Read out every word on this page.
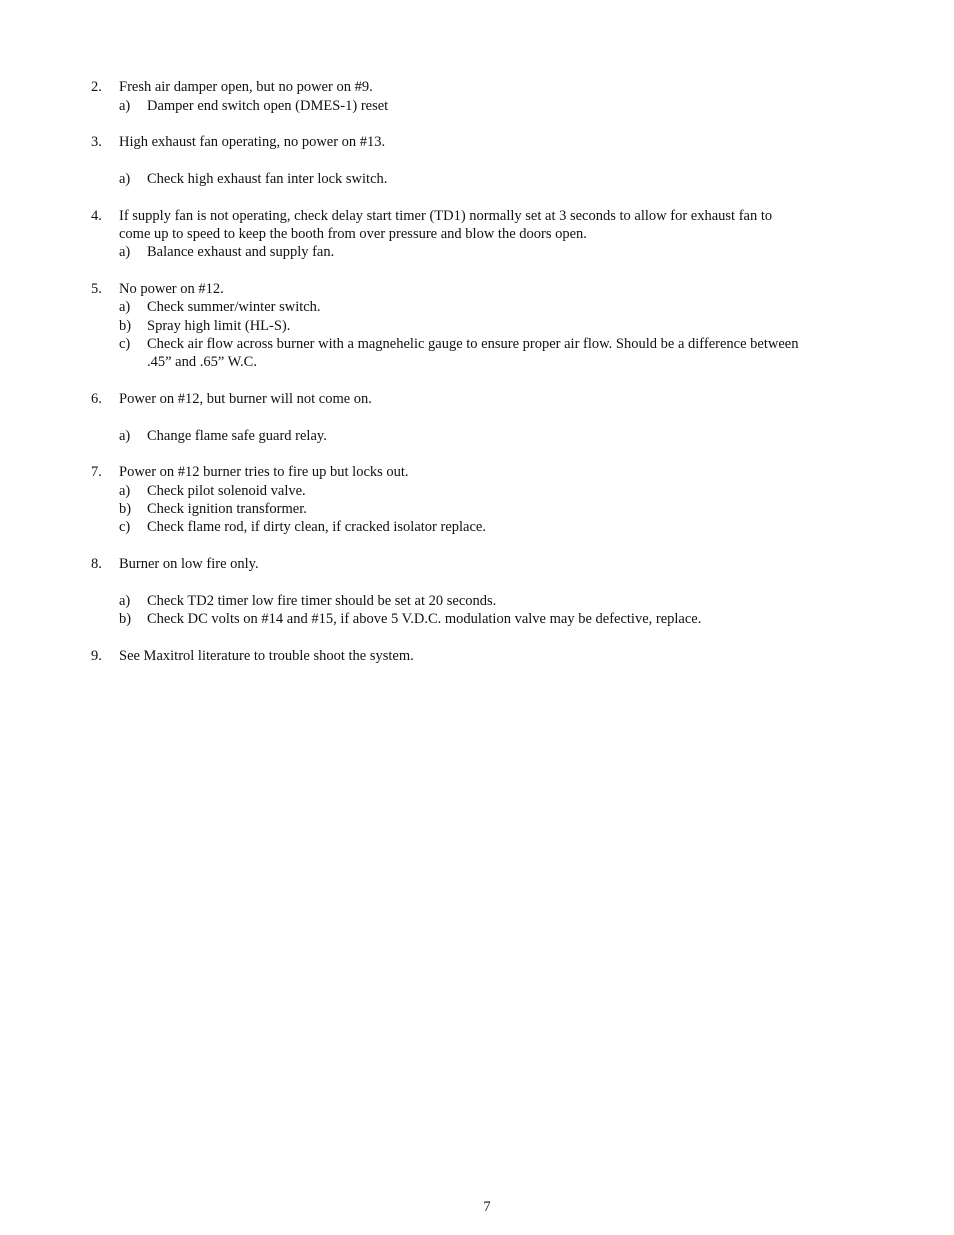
2. Fresh air damper open, but no power on #9.
a) Damper end switch open (DMES-1) reset
3. High exhaust fan operating, no power on #13.
a) Check high exhaust fan inter lock switch.
4. If supply fan is not operating, check delay start timer (TD1) normally set at 3 seconds to allow for exhaust fan to
come up to speed to keep the booth from over pressure and blow the doors open.
a) Balance exhaust and supply fan.
5. No power on #12.
a) Check summer/winter switch.
b) Spray high limit (HL-S).
c) Check air flow across burner with a magnehelic gauge to ensure proper air flow. Should be a difference between
.45” and .65” W.C.
6. Power on #12, but burner will not come on.
a) Change flame safe guard relay.
7. Power on #12 burner tries to fire up but locks out.
a) Check pilot solenoid valve.
b) Check ignition transformer.
c) Check flame rod, if dirty clean, if cracked isolator replace.
8. Burner on low fire only.
a) Check TD2 timer low fire timer should be set at 20 seconds.
b) Check DC volts on #14 and #15, if above 5 V.D.C. modulation valve may be defective, replace.
9. See Maxitrol literature to trouble shoot the system.
7
